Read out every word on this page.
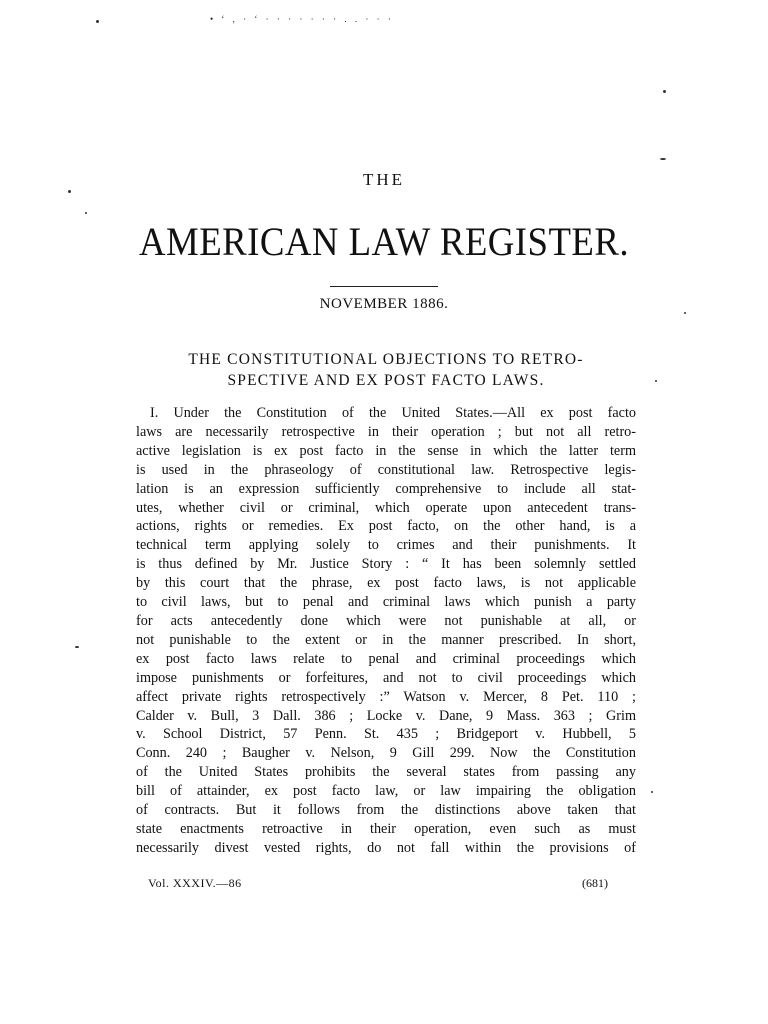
• ‘ , · ‘ · · · · · · · . . · · ·
THE
AMERICAN LAW REGISTER.
NOVEMBER 1886.
THE CONSTITUTIONAL OBJECTIONS TO RETRO-
SPECTIVE AND EX POST FACTO LAWS.
I. Under the Constitution of the United States.—All ex post facto
laws are necessarily retrospective in their operation ; but not all retro-
active legislation is ex post facto in the sense in which the latter term
is used in the phraseology of constitutional law. Retrospective legis-
lation is an expression sufficiently comprehensive to include all stat-
utes, whether civil or criminal, which operate upon antecedent trans-
actions, rights or remedies. Ex post facto, on the other hand, is a
technical term applying solely to crimes and their punishments. It
is thus defined by Mr. Justice Story : “ It has been solemnly settled
by this court that the phrase, ex post facto laws, is not applicable
to civil laws, but to penal and criminal laws which punish a party
for acts antecedently done which were not punishable at all, or
not punishable to the extent or in the manner prescribed. In short,
ex post facto laws relate to penal and criminal proceedings which
impose punishments or forfeitures, and not to civil proceedings which
affect private rights retrospectively :” Watson v. Mercer, 8 Pet. 110 ;
Calder v. Bull, 3 Dall. 386 ; Locke v. Dane, 9 Mass. 363 ; Grim
v. School District, 57 Penn. St. 435 ; Bridgeport v. Hubbell, 5
Conn. 240 ; Baugher v. Nelson, 9 Gill 299. Now the Constitution
of the United States prohibits the several states from passing any
bill of attainder, ex post facto law, or law impairing the obligation
of contracts. But it follows from the distinctions above taken that
state enactments retroactive in their operation, even such as must
necessarily divest vested rights, do not fall within the provisions of
Vol. XXXIV.—86	(681)
